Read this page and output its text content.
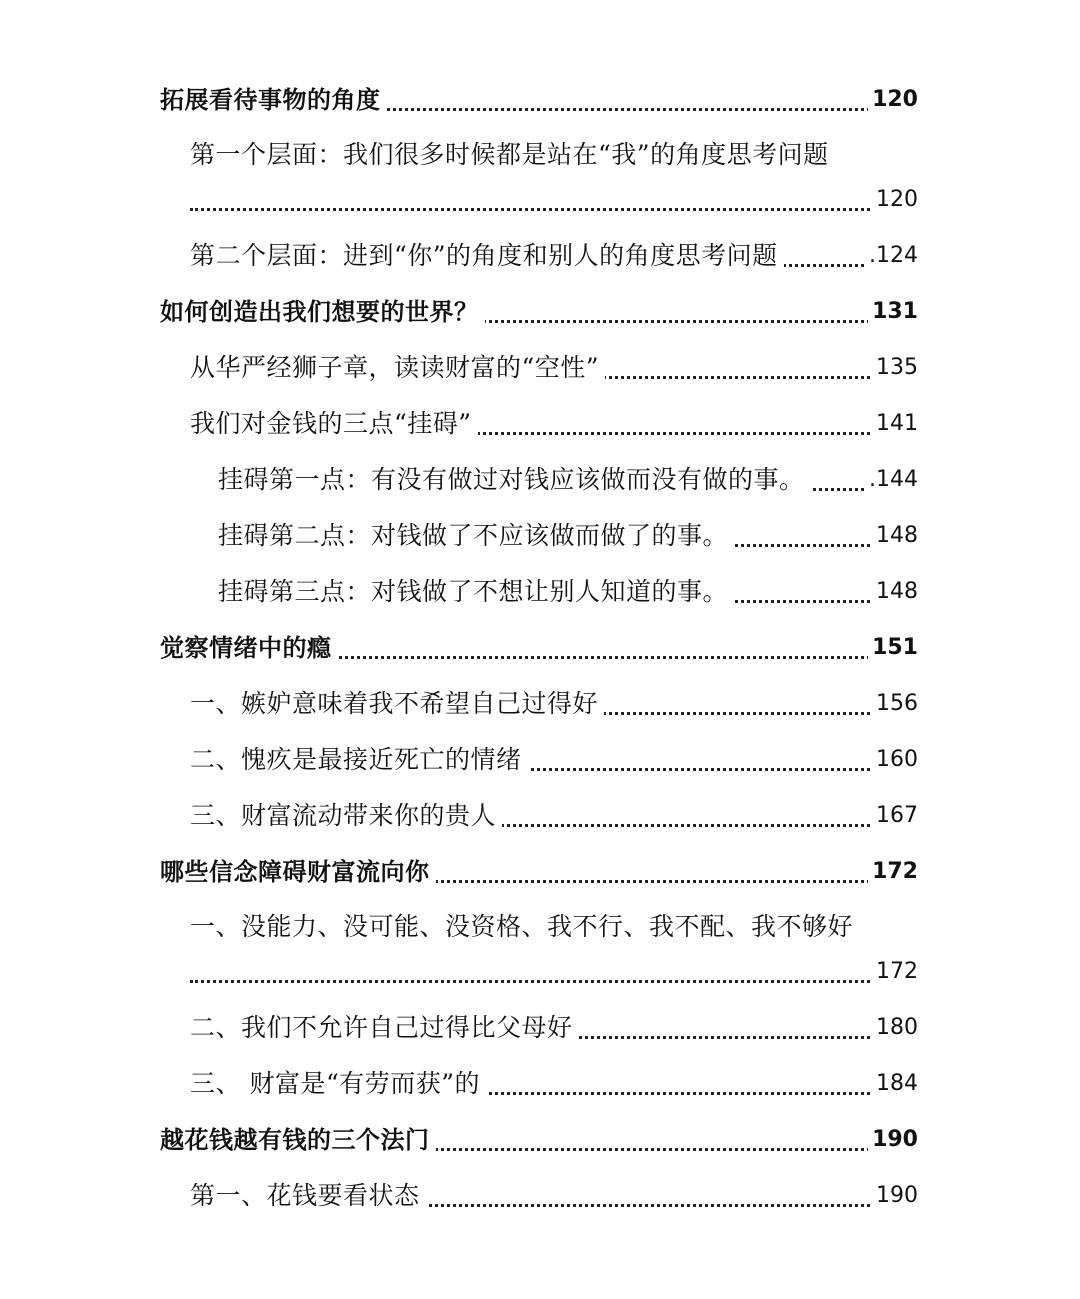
拓展看待事物的角度	120
第一个层面：我们很多时候都是站在“我”的角度思考问题
120
第二个层面：进到“你”的角度和别人的角度思考问题	.124
如何创造出我们想要的世界？	131
从华严经狮子章，读读财富的“空性”	135
我们对金钱的三点“挂碍”	141
挂碍第一点：有没有做过对钱应该做而没有做的事。	.144
挂碍第二点：对钱做了不应该做而做了的事。	148
挂碍第三点：对钱做了不想让别人知道的事。	148
觉察情绪中的瘾	151
一、嫉妒意味着我不希望自己过得好	156
二、愧疚是最接近死亡的情绪	160
三、财富流动带来你的贵人	167
哪些信念障碍财富流向你	172
一、没能力、没可能、没资格、我不行、我不配、我不够好
172
二、我们不允许自己过得比父母好	180
三、 财富是“有劳而获”的	184
越花钱越有钱的三个法门	190
第一、花钱要看状态	190
